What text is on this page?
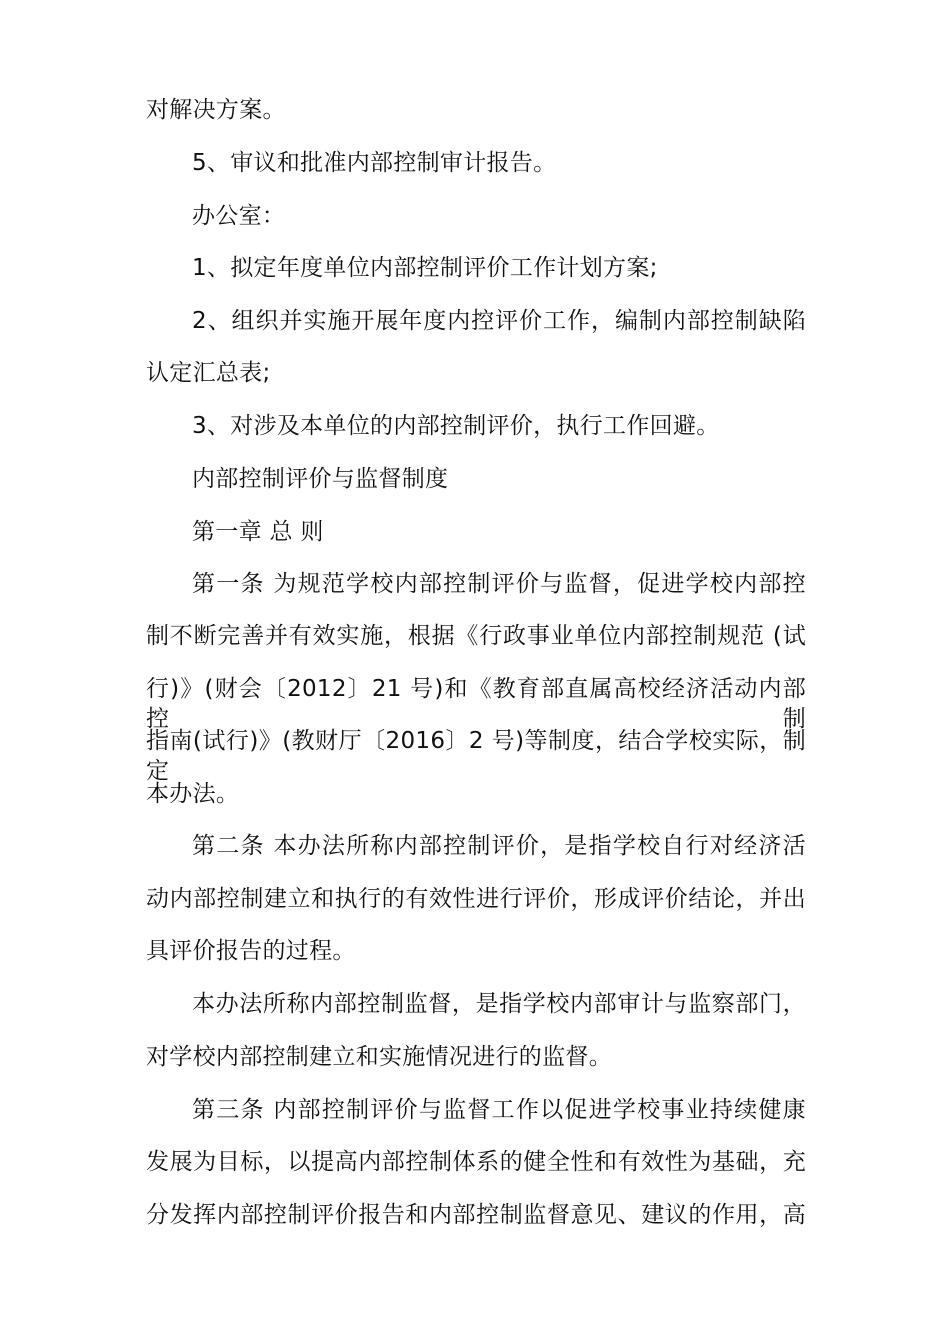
对解决方案。
5、审议和批准内部控制审计报告。
办公室：
1、拟定年度单位内部控制评价工作计划方案;
2、组织并实施开展年度内控评价工作，编制内部控制缺陷
认定汇总表;
3、对涉及本单位的内部控制评价，执行工作回避。
内部控制评价与监督制度
第一章 总 则
第一条 为规范学校内部控制评价与监督，促进学校内部控
制不断完善并有效实施，根据《行政事业单位内部控制规范 (试
行)》(财会〔2012〕21 号)和《教育部直属高校经济活动内部控制
指南(试行)》(教财厅〔2016〕2 号)等制度，结合学校实际，制定
本办法。
第二条 本办法所称内部控制评价，是指学校自行对经济活
动内部控制建立和执行的有效性进行评价，形成评价结论，并出
具评价报告的过程。
本办法所称内部控制监督，是指学校内部审计与监察部门，
对学校内部控制建立和实施情况进行的监督。
第三条 内部控制评价与监督工作以促进学校事业持续健康
发展为目标，以提高内部控制体系的健全性和有效性为基础，充
分发挥内部控制评价报告和内部控制监督意见、建议的作用，高
